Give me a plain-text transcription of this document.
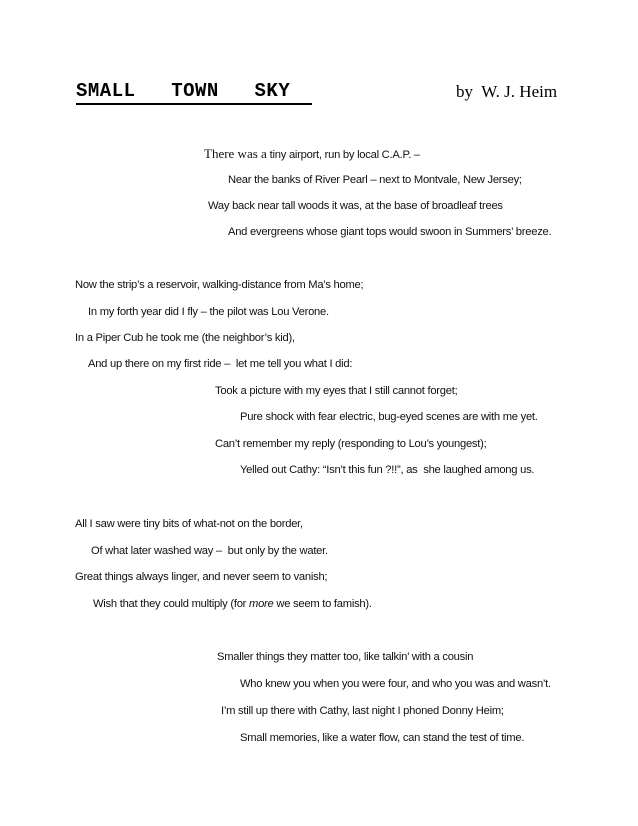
SMALL   TOWN   SKY	by  W. J. Heim
There was a tiny airport, run by local C.A.P. –
Near the banks of River Pearl – next to Montvale, New Jersey;
Way back near tall woods it was, at the base of broadleaf trees
And evergreens whose giant tops would swoon in Summers’ breeze.
Now the strip’s a reservoir, walking-distance from Ma’s home;
In my forth year did I fly – the pilot was Lou Verone.
In a Piper Cub he took me (the neighbor’s kid),
And up there on my first ride –  let me tell you what I did:
Took a picture with my eyes that I still cannot forget;
Pure shock with fear electric, bug-eyed scenes are with me yet.
Can’t remember my reply (responding to Lou’s youngest);
Yelled out Cathy: “Isn’t this fun ?!!”, as  she laughed among us.
All I saw were tiny bits of what-not on the border,
Of what later washed way –  but only by the water.
Great things always linger, and never seem to vanish;
Wish that they could multiply (for more we seem to famish).
Smaller things they matter too, like talkin’ with a cousin
Who knew you when you were four, and who you was and wasn’t.
I’m still up there with Cathy, last night I phoned Donny Heim;
Small memories, like a water flow, can stand the test of time.
